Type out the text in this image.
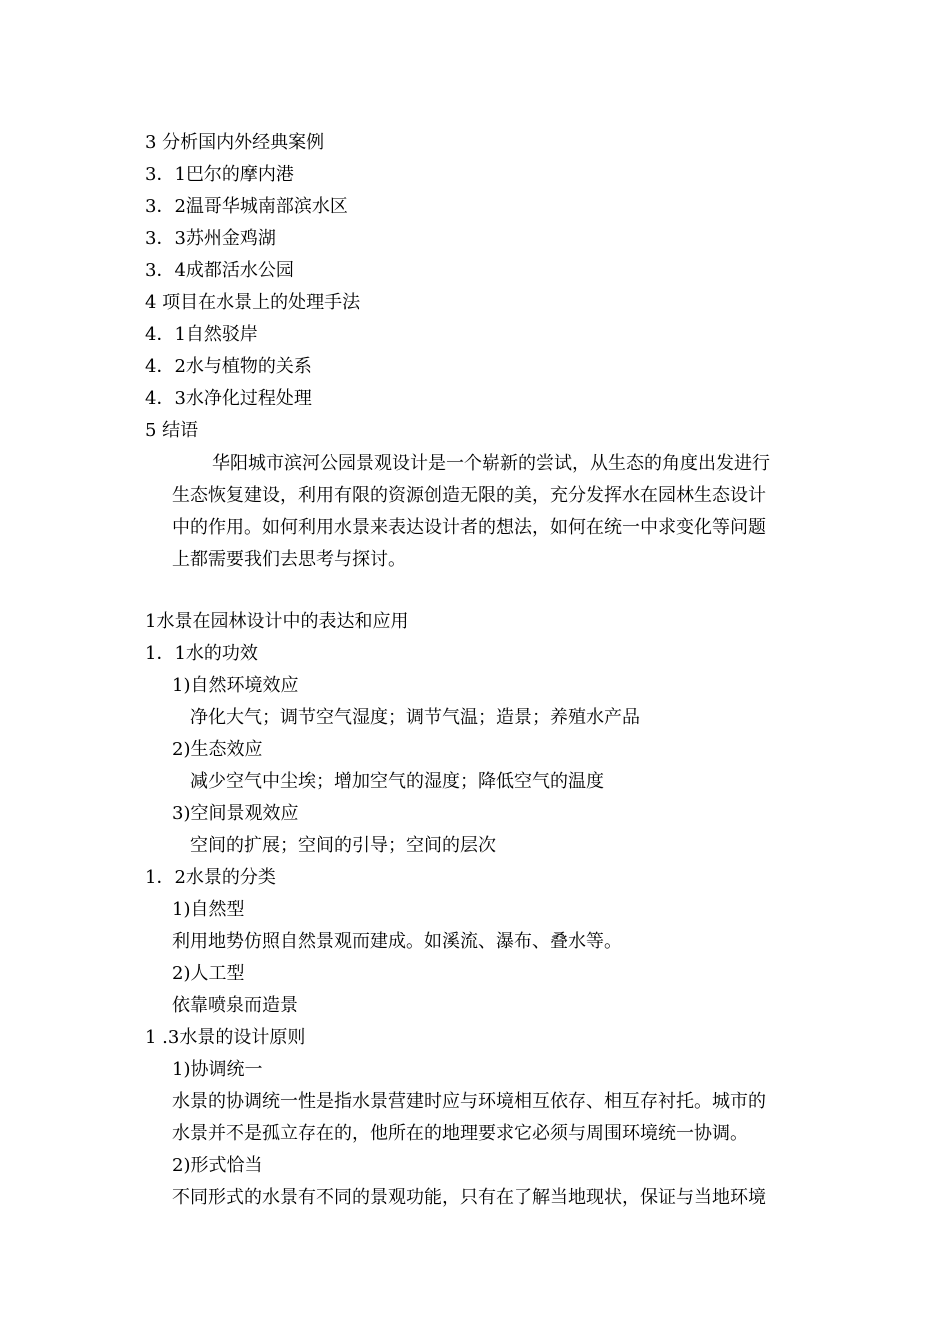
3 分析国内外经典案例
3．1巴尔的摩内港
3．2温哥华城南部滨水区
3．3苏州金鸡湖
3．4成都活水公园
4 项目在水景上的处理手法
4．1自然驳岸
4．2水与植物的关系
4．3水净化过程处理
5 结语
华阳城市滨河公园景观设计是一个崭新的尝试，从生态的角度出发进行
生态恢复建设，利用有限的资源创造无限的美，充分发挥水在园林生态设计
中的作用。如何利用水景来表达设计者的想法，如何在统一中求变化等问题
上都需要我们去思考与探讨。
1水景在园林设计中的表达和应用
1．1水的功效
1)自然环境效应
净化大气；调节空气湿度；调节气温；造景；养殖水产品
2)生态效应
减少空气中尘埃；增加空气的湿度；降低空气的温度
3)空间景观效应
空间的扩展；空间的引导；空间的层次
1．2水景的分类
1)自然型
利用地势仿照自然景观而建成。如溪流、瀑布、叠水等。
2)人工型
依靠喷泉而造景
1 .3水景的设计原则
1)协调统一
水景的协调统一性是指水景营建时应与环境相互依存、相互存衬托。城市的
水景并不是孤立存在的，他所在的地理要求它必须与周围环境统一协调。
2)形式恰当
不同形式的水景有不同的景观功能，只有在了解当地现状，保证与当地环境
